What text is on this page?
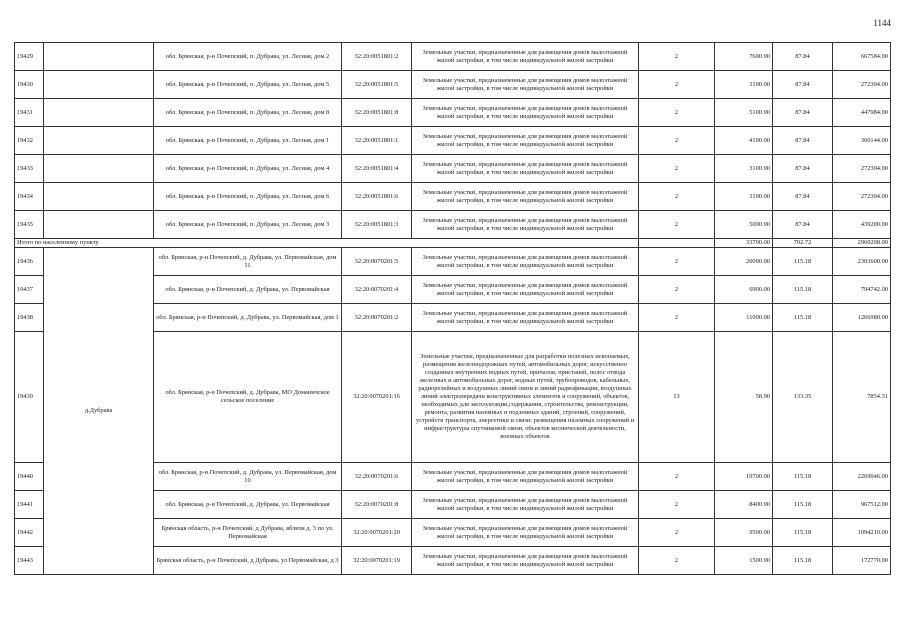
1144
19429		обл. Брянская, р-н Почепский, п. Дубрава, ул. Лесная, дом 2	32:20:0051801:2	Земельные участки, предназначенные для размещения домов малоэтажной жилой застройки, в том числе индивидуальной жилой застройки	2	7600.00	87.84	667584.00
19430		обл. Брянская, р-н Почепский, п. Дубрава, ул. Лесная, дом 5	32:20:0051801:5	Земельные участки, предназначенные для размещения домов малоэтажной жилой застройки, в том числе индивидуальной жилой застройки	2	3100.00	87.84	272304.00
19431		обл. Брянская, р-н Почепский, п. Дубрава, ул. Лесная, дом 8	32:20:0051801:8	Земельные участки, предназначенные для размещения домов малоэтажной жилой застройки, в том числе индивидуальной жилой застройки	2	5100.00	87.84	447984.00
19432		обл. Брянская, р-н Почепский, п. Дубрава, ул. Лесная, дом 1	32:20:0051801:1	Земельные участки, предназначенные для размещения домов малоэтажной жилой застройки, в том числе индивидуальной жилой застройки	2	4100.00	87.84	360144.00
19433		обл. Брянская, р-н Почепский, п. Дубрава, ул. Лесная, дом 4	32:20:0051801:4	Земельные участки, предназначенные для размещения домов малоэтажной жилой застройки, в том числе индивидуальной жилой застройки	2	3100.00	87.84	272304.00
19434		обл. Брянская, р-н Почепский, п. Дубрава, ул. Лесная, дом 6	32:20:0051801:6	Земельные участки, предназначенные для размещения домов малоэтажной жилой застройки, в том числе индивидуальной жилой застройки	2	3100.00	87.84	272304.00
19435		обл. Брянская, р-н Почепский, п. Дубрава, ул. Лесная, дом 3	32:20:0051801:3	Земельные участки, предназначенные для размещения домов малоэтажной жилой застройки, в том числе индивидуальной жилой застройки	2	5000.00	87.84	439200.00
Итого по населенному пункту						33700.00	702.72	2960208.00
19436	д.Дубрава	обл. Брянская, р-н Почепский, д. Дубрава, ул. Первомайская, дом 11	32:20:0070201:5	Земельные участки, предназначенные для размещения домов малоэтажной жилой застройки, в том числе индивидуальной жилой застройки	2	20000.00	115.18	2303600.00
19437		обл. Брянская, р-н Почепский, д. Дубрава, ул. Первомайская	32:20:0070201:4	Земельные участки, предназначенные для размещения домов малоэтажной жилой застройки, в том числе индивидуальной жилой застройки	2	6900.00	115.18	794742.00
19438		обл. Брянская, р-н Почепский, д. Дубрава, ул. Первомайская, дом 1	32:20:0070201:2	Земельные участки, предназначенные для размещения домов малоэтажной жилой застройки, в том числе индивидуальной жилой застройки	2	11000.00	115.18	1266980.00
19439		обл. Брянская, р-н Почепский, д. Дубрава, МО Доманичское сельское поселение	32:20:0070201:16	Земельные участки, предназначенные для разработки полезных ископаемых, размещения железнодорожных путей, автомобильных дорог, искусственно созданных внутренних водных путей, причалов, пристаней, полос отвода железных и автомобильных дорог, водных путей, трубопроводов, кабельных, радиорелейных и воздушных линий связи и линий радиофикации, воздушных линий электропередачи конструктивных элементов и сооружений, объектов, необходимых для эксплуатации,содержания, строительства, реконструкции, ремонта, развития наземных и подземных зданий, строений, сооружений, устройств транспорта, энергетики и связи; размещения наземных сооружений и инфраструктуры спутниковой связи, объектов космической деятельности, военных объектов	13	58.90	133.35	7854.31
19440		обл. Брянская, р-н Почепский, д. Дубрава, ул. Первомайская, дом 10	32:20:0070201:6	Земельные участки, предназначенные для размещения домов малоэтажной жилой застройки, в том числе индивидуальной жилой застройки	2	19700.00	115.18	2269046.00
19441		обл. Брянская, р-н Почепский, д. Дубрава, ул. Первомайская	32:20:0070201:8	Земельные участки, предназначенные для размещения домов малоэтажной жилой застройки, в том числе индивидуальной жилой застройки	2	8400.00	115.18	967512.00
19442		Брянская область, р-н Почепский, д Дубрава, вблизи д. 3 по ул. Первомайская	32:20:0070201:20	Земельные участки, предназначенные для размещения домов малоэтажной жилой застройки, в том числе индивидуальной жилой застройки	2	9500.00	115.18	1094210.00
19443		Брянская область, р-н Почепский, д Дубрава, ул Первомайская, д 3	32:20:0070201:19	Земельные участки, предназначенные для размещения домов малоэтажной жилой застройки, в том числе индивидуальной жилой застройки	2	1500.00	115.18	172770.00
